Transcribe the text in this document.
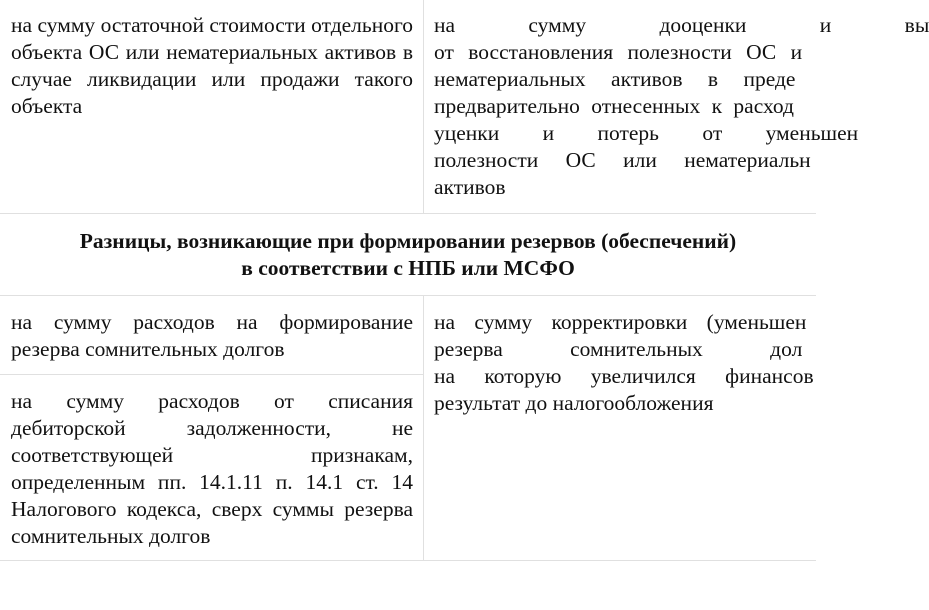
на сумму остаточной стоимости отдельного объекта ОС или нематериальных активов в случае ликвидации или продажи такого объекта
на сумму дооценки и вы
от восстановления полезности ОС и
нематериальных активов в преде
предварительно отнесенных к расход
уценки и потерь от уменьшен
полезности ОС или нематериальн
активов
Разницы, возникающие при формировании резервов (обеспечений)
в соответствии с НПБ или МСФО
на сумму расходов на формирование резерва сомнительных долгов
на сумму корректировки (уменьшен
резерва сомнительных дол
на которую увеличился финансов
результат до налогообложения
на сумму расходов от списания дебиторской задолженности, не соответствующей признакам, определенным пп. 14.1.11 п. 14.1 ст. 14 Налогового кодекса, сверх суммы резерва сомнительных долгов
